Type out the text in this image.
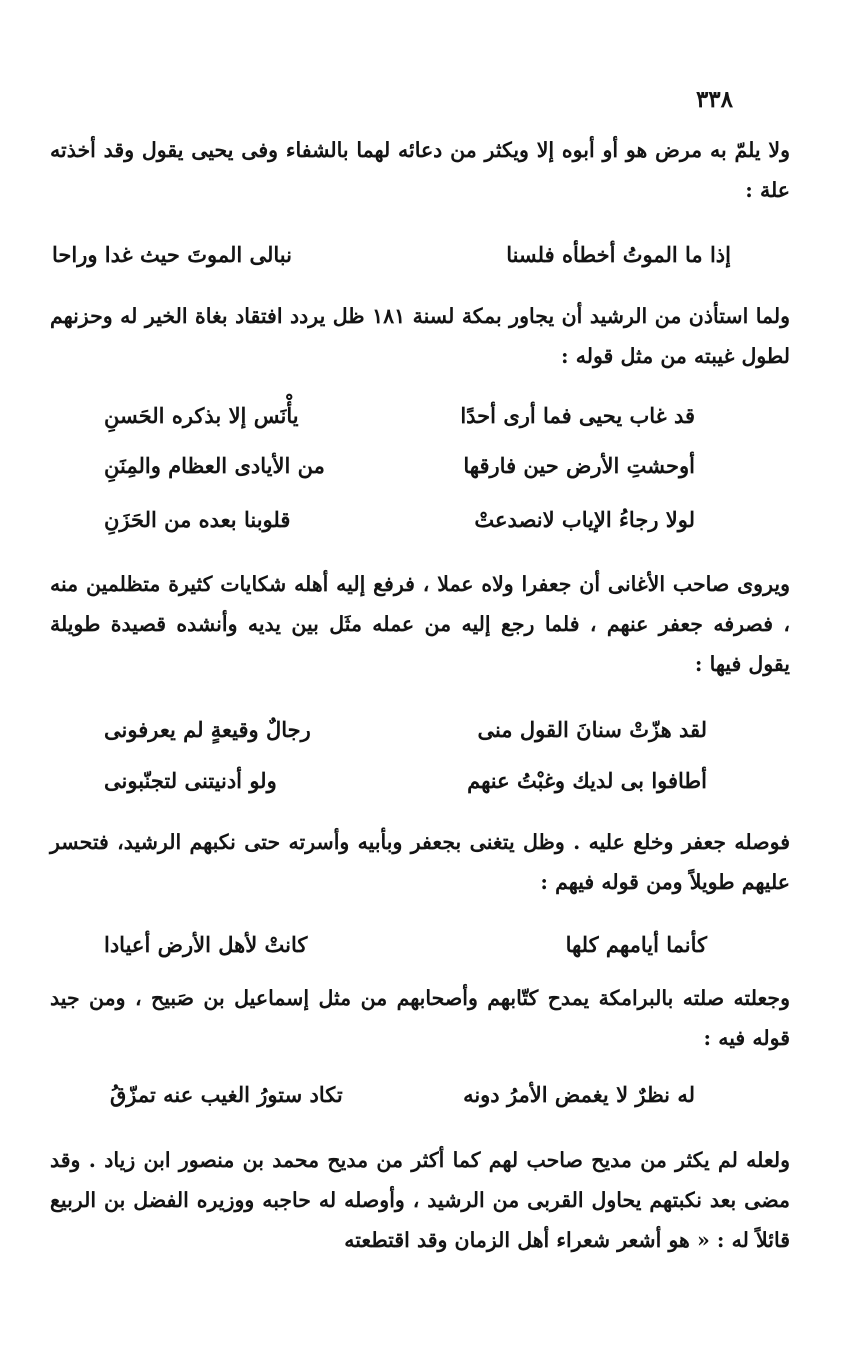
٣٣٨
ولا يلمّ به مرض هو أو أبوه إلا ويكثر من دعائه لهما بالشفاء وفى يحيى يقول وقد أخذته علة :
إذا ما الموتُ أخطأه فلسنا
نبالى الموتَ حيث غدا وراحا
ولما استأذن من الرشيد أن يجاور بمكة لسنة ١٨١ ظل يردد افتقاد بغاة الخير له وحزنهم لطول غيبته من مثل قوله :
قد غاب يحيى فما أرى أحدًا
يأْنَس إلا بذكره الحَسنِ
أوحشتِ الأرض حين فارقها
من الأيادى العظام والمِنَنِ
لولا رجاءُ الإياب لانصدعتْ
قلوبنا بعده من الحَزَنِ
ويروى صاحب الأغانى أن جعفرا ولاه عملا ، فرفع إليه أهله شكايات كثيرة متظلمين منه ، فصرفه جعفر عنهم ، فلما رجع إليه من عمله مثَل بين يديه وأنشده قصيدة طويلة يقول فيها :
لقد هزّتْ سنانَ القول منى
رجالٌ وقيعةٍ لم يعرفونى
أطافوا بى لديك وغبْتُ عنهم
ولو أدنيتنى لتجنّبونى
فوصله جعفر وخلع عليه . وظل يتغنى بجعفر وبأبيه وأسرته حتى نكبهم الرشيد، فتحسر عليهم طويلاً ومن قوله فيهم :
كأنما أيامهم كلها
كانتْ لأهل الأرض أعيادا
وجعلته صلته بالبرامكة يمدح كتّابهم وأصحابهم من مثل إسماعيل بن صَبيح ، ومن جيد قوله فيه :
له نظرٌ لا يغمض الأمرُ دونه
تكاد ستورُ الغيب عنه تمزّقُ
ولعله لم يكثر من مديح صاحب لهم كما أكثر من مديح محمد بن منصور ابن زياد . وقد مضى بعد نكبتهم يحاول القربى من الرشيد ، وأوصله له حاجبه ووزيره الفضل بن الربيع قائلاً له : « هو أشعر شعراء أهل الزمان وقد اقتطعته
